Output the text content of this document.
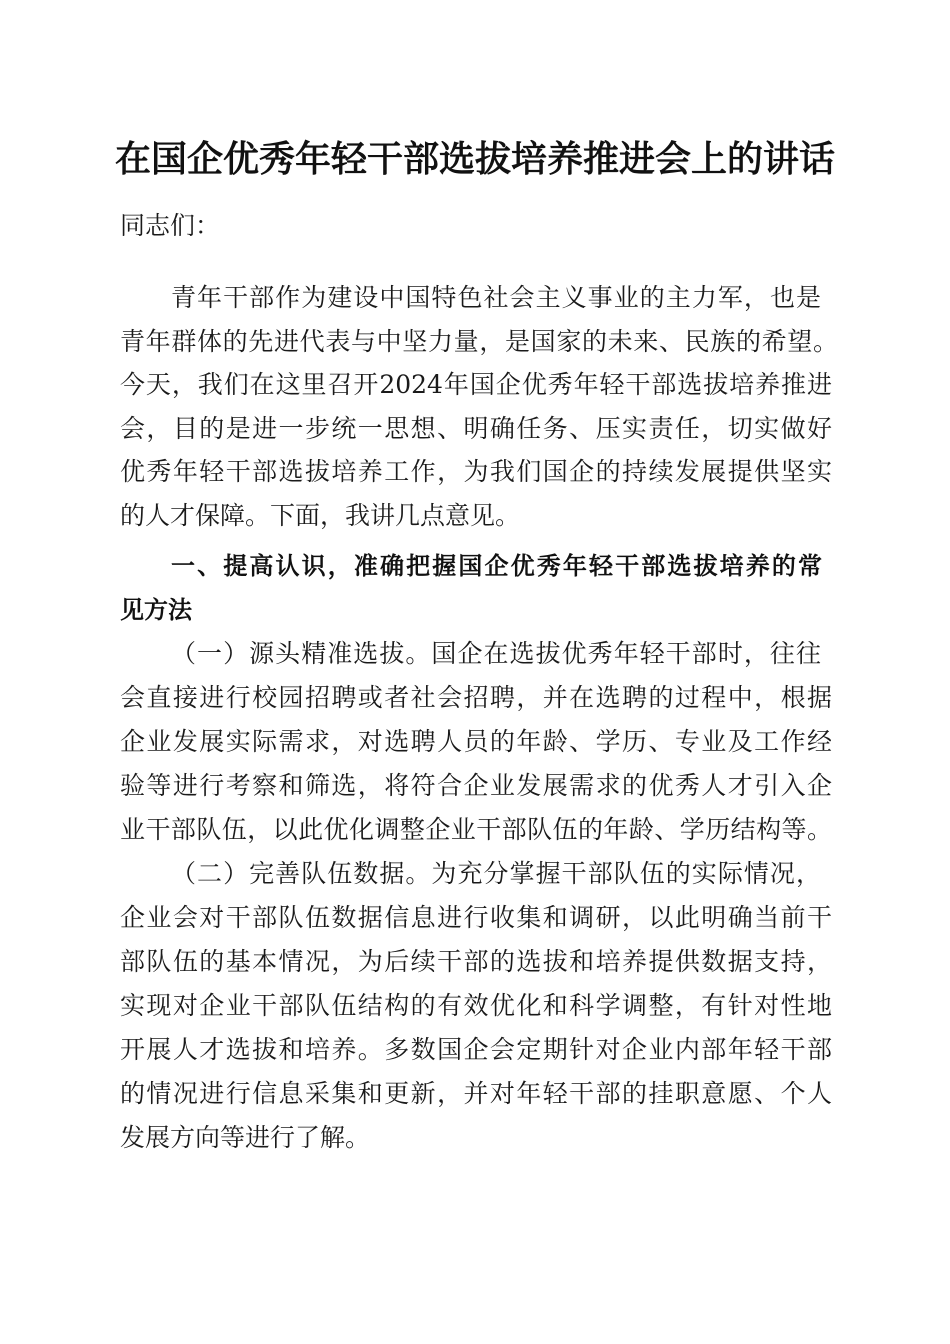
在国企优秀年轻干部选拔培养推进会上的讲话
同志们：
青年干部作为建设中国特色社会主义事业的主力军，也是
青年群体的先进代表与中坚力量，是国家的未来、民族的希望。
今天，我们在这里召开2024年国企优秀年轻干部选拔培养推进
会，目的是进一步统一思想、明确任务、压实责任，切实做好
优秀年轻干部选拔培养工作，为我们国企的持续发展提供坚实
的人才保障。下面，我讲几点意见。
一、提高认识，准确把握国企优秀年轻干部选拔培养的常
见方法
（一）源头精准选拔。国企在选拔优秀年轻干部时，往往
会直接进行校园招聘或者社会招聘，并在选聘的过程中，根据
企业发展实际需求，对选聘人员的年龄、学历、专业及工作经
验等进行考察和筛选，将符合企业发展需求的优秀人才引入企
业干部队伍，以此优化调整企业干部队伍的年龄、学历结构等。
（二）完善队伍数据。为充分掌握干部队伍的实际情况，
企业会对干部队伍数据信息进行收集和调研，以此明确当前干
部队伍的基本情况，为后续干部的选拔和培养提供数据支持，
实现对企业干部队伍结构的有效优化和科学调整，有针对性地
开展人才选拔和培养。多数国企会定期针对企业内部年轻干部
的情况进行信息采集和更新，并对年轻干部的挂职意愿、个人
发展方向等进行了解。
